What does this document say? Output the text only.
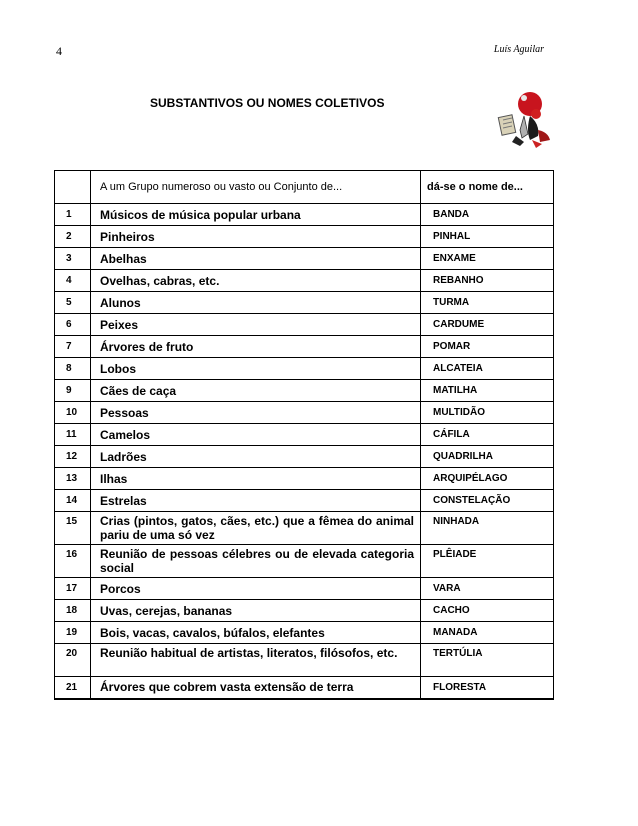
4	Luís Aguilar
SUBSTANTIVOS OU NOMES COLETIVOS
	A um Grupo numeroso ou vasto ou Conjunto de...	dá-se o nome de...
1	Músicos de música popular urbana	BANDA
2	Pinheiros	PINHAL
3	Abelhas	ENXAME
4	Ovelhas, cabras, etc.	REBANHO
5	Alunos	TURMA
6	Peixes	CARDUME
7	Árvores de fruto	POMAR
8	Lobos	ALCATEIA
9	Cães de caça	MATILHA
10	Pessoas	MULTIDÃO
11	Camelos	CÁFILA
12	Ladrões	QUADRILHA
13	Ilhas	ARQUIPÉLAGO
14	Estrelas	CONSTELAÇÃO
15	Crias (pintos, gatos, cães, etc.) que a fêmea do animal pariu de uma só vez	NINHADA
16	Reunião de pessoas célebres ou de elevada categoria social	PLÊIADE
17	Porcos	VARA
18	Uvas, cerejas, bananas	CACHO
19	Bois, vacas, cavalos, búfalos, elefantes	MANADA
20	Reunião habitual de artistas, literatos, filósofos, etc.	TERTÚLIA
21	Árvores que cobrem vasta extensão de terra	FLORESTA
